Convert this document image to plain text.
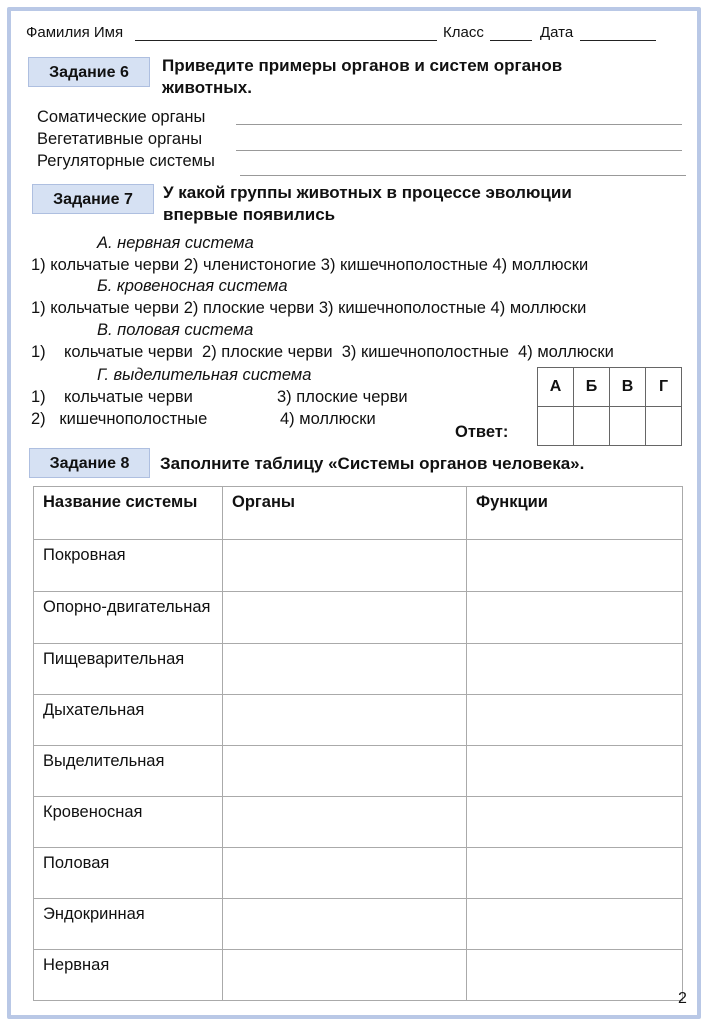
Фамилия Имя	Класс	Дата
Задание 6	Приведите примеры органов и систем органов
животных.
Соматические органы
Вегетативные органы
Регуляторные системы
Задание 7	У какой группы животных в процессе эволюции
впервые появились
А. нервная система
1) кольчатые черви 2) членистоногие 3) кишечнополостные 4) моллюски
Б. кровеносная система
1) кольчатые черви 2) плоские черви 3) кишечнополостные 4) моллюски
В. половая система
1)    кольчатые черви  2) плоские черви  3) кишечнополостные  4) моллюски
Г. выделительная система
1)    кольчатые черви	3) плоские черви
2)   кишечнополостные	4) моллюски
Ответ:
А	Б	В	Г

Задание 8	Заполните таблицу «Системы органов человека».
Название системы	Органы	Функции
Покровная		
Опорно-двигательная		
Пищеварительная		
Дыхательная		
Выделительная		
Кровеносная		
Половая		
Эндокринная		
Нервная		
2
